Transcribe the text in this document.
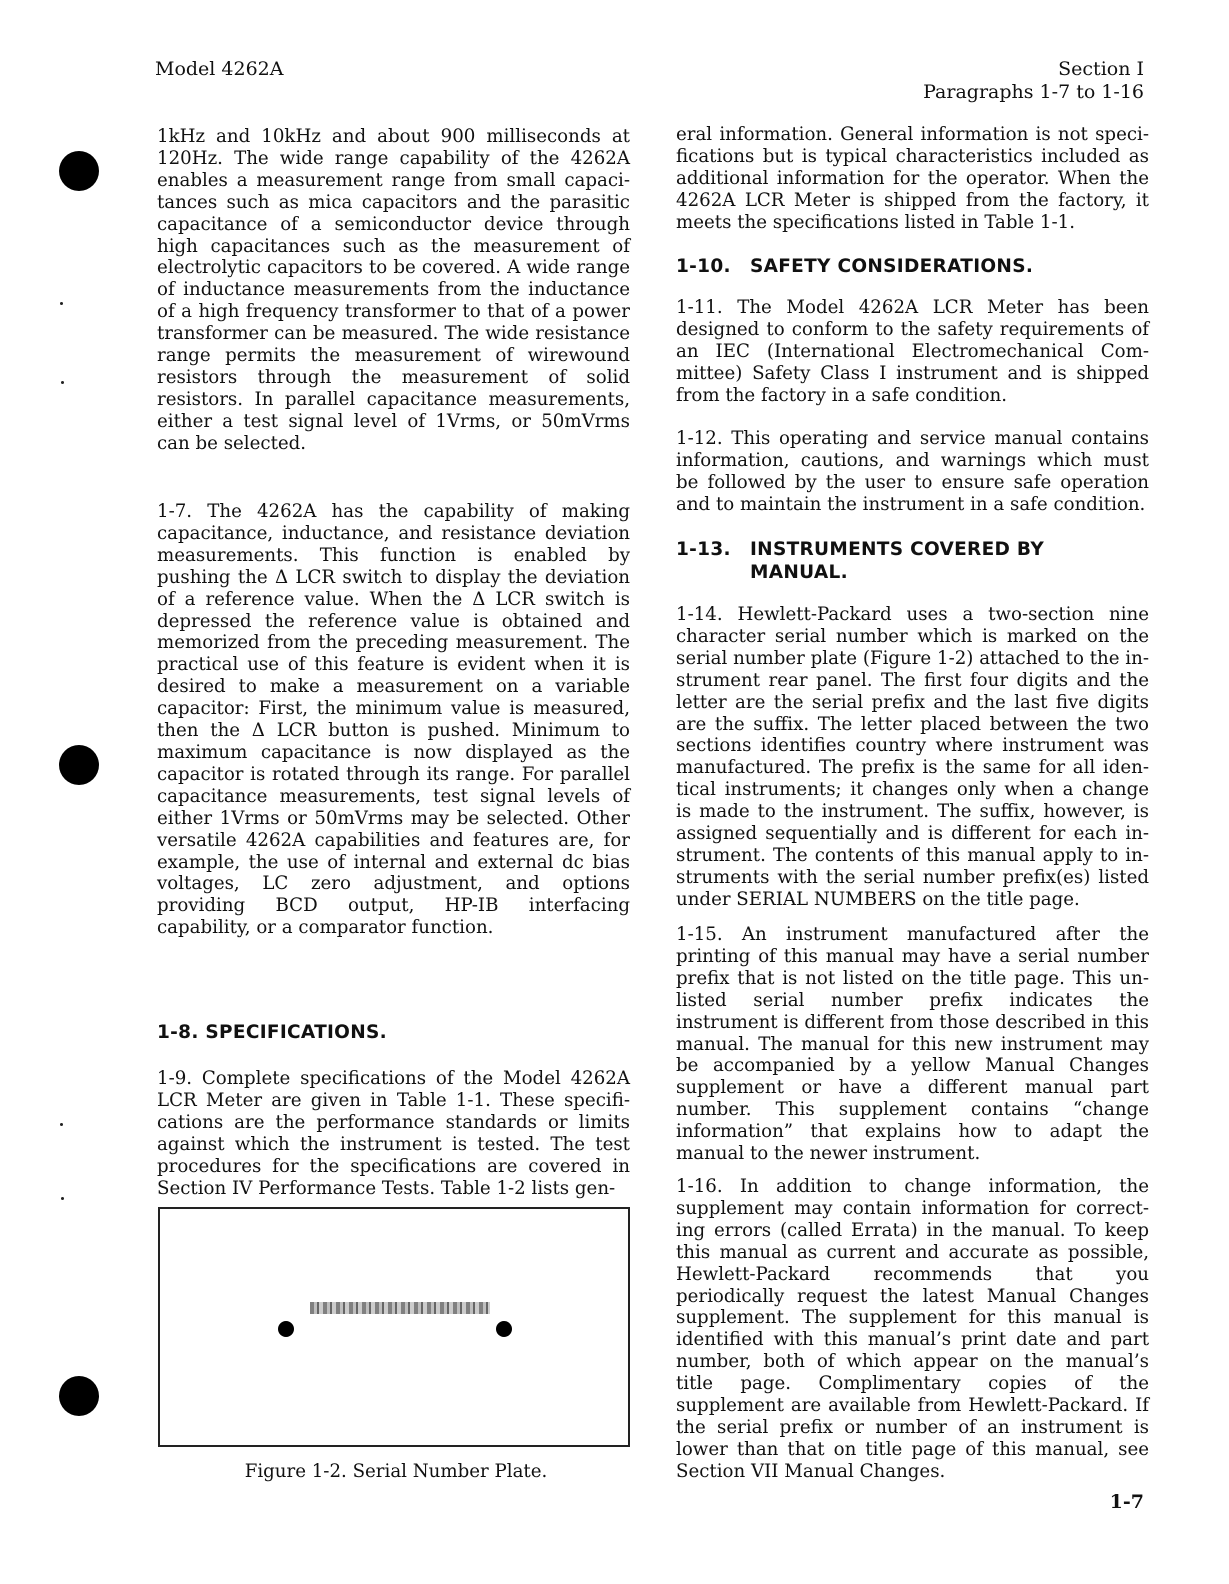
Model 4262A	Section I
Paragraphs 1-7 to 1-16

1kHz and 10kHz and about 900 milliseconds at 120Hz. The wide range capability of the 4262A enables a measurement range from small capacitances such as mica capacitors and the parasitic capacitance of a semiconductor device through high capacitances such as the measurement of electrolytic capacitors to be covered. A wide range of inductance measurements from the inductance of a high frequency transformer to that of a power transformer can be measured. The wide resistance range permits the measurement of wirewound resistors through the measurement of solid resistors. In parallel capacitance measurements, either a test signal level of 1Vrms, or 50mVrms can be selected.

1-7. The 4262A has the capability of making capacitance, inductance, and resistance deviation measurements. This function is enabled by pushing the Δ LCR switch to display the deviation of a reference value. When the Δ LCR switch is depressed the reference value is obtained and memorized from the preceding measurement. The practical use of this feature is evident when it is desired to make a measurement on a variable capacitor: First, the minimum value is measured, then the Δ LCR button is pushed. Minimum to maximum capacitance is now displayed as the capacitor is rotated through its range. For parallel capacitance measurements, test signal levels of either 1Vrms or 50mVrms may be selected. Other versatile 4262A capabilities and features are, for example, the use of internal and external dc bias voltages, LC zero adjustment, and options providing BCD output, HP-IB interfacing capability, or a comparator function.

1-8. SPECIFICATIONS.

1-9. Complete specifications of the Model 4262A LCR Meter are given in Table 1-1. These specifications are the performance standards or limits against which the instrument is tested. The test procedures for the specifications are covered in Section IV Performance Tests. Table 1-2 lists gen-

Figure 1-2. Serial Number Plate.

eral information. General information is not specifications but is typical characteristics included as additional information for the operator. When the 4262A LCR Meter is shipped from the factory, it meets the specifications listed in Table 1-1.

1-10. SAFETY CONSIDERATIONS.

1-11. The Model 4262A LCR Meter has been designed to conform to the safety requirements of an IEC (International Electromechanical Committee) Safety Class I instrument and is shipped from the factory in a safe condition.

1-12. This operating and service manual contains information, cautions, and warnings which must be followed by the user to ensure safe operation and to maintain the instrument in a safe condition.

1-13. INSTRUMENTS COVERED BY
MANUAL.

1-14. Hewlett-Packard uses a two-section nine character serial number which is marked on the serial number plate (Figure 1-2) attached to the instrument rear panel. The first four digits and the letter are the serial prefix and the last five digits are the suffix. The letter placed between the two sections identifies country where instrument was manufactured. The prefix is the same for all identical instruments; it changes only when a change is made to the instrument. The suffix, however, is assigned sequentially and is different for each instrument. The contents of this manual apply to instruments with the serial number prefix(es) listed under SERIAL NUMBERS on the title page.

1-15. An instrument manufactured after the printing of this manual may have a serial number prefix that is not listed on the title page. This unlisted serial number prefix indicates the instrument is different from those described in this manual. The manual for this new instrument may be accompanied by a yellow Manual Changes supplement or have a different manual part number. This supplement contains “change information” that explains how to adapt the manual to the newer instrument.

1-16. In addition to change information, the supplement may contain information for correcting errors (called Errata) in the manual. To keep this manual as current and accurate as possible, Hewlett-Packard recommends that you periodically request the latest Manual Changes supplement. The supplement for this manual is identified with this manual’s print date and part number, both of which appear on the manual’s title page. Complimentary copies of the supplement are available from Hewlett-Packard. If the serial prefix or number of an instrument is lower than that on title page of this manual, see Section VII Manual Changes.

1-7
